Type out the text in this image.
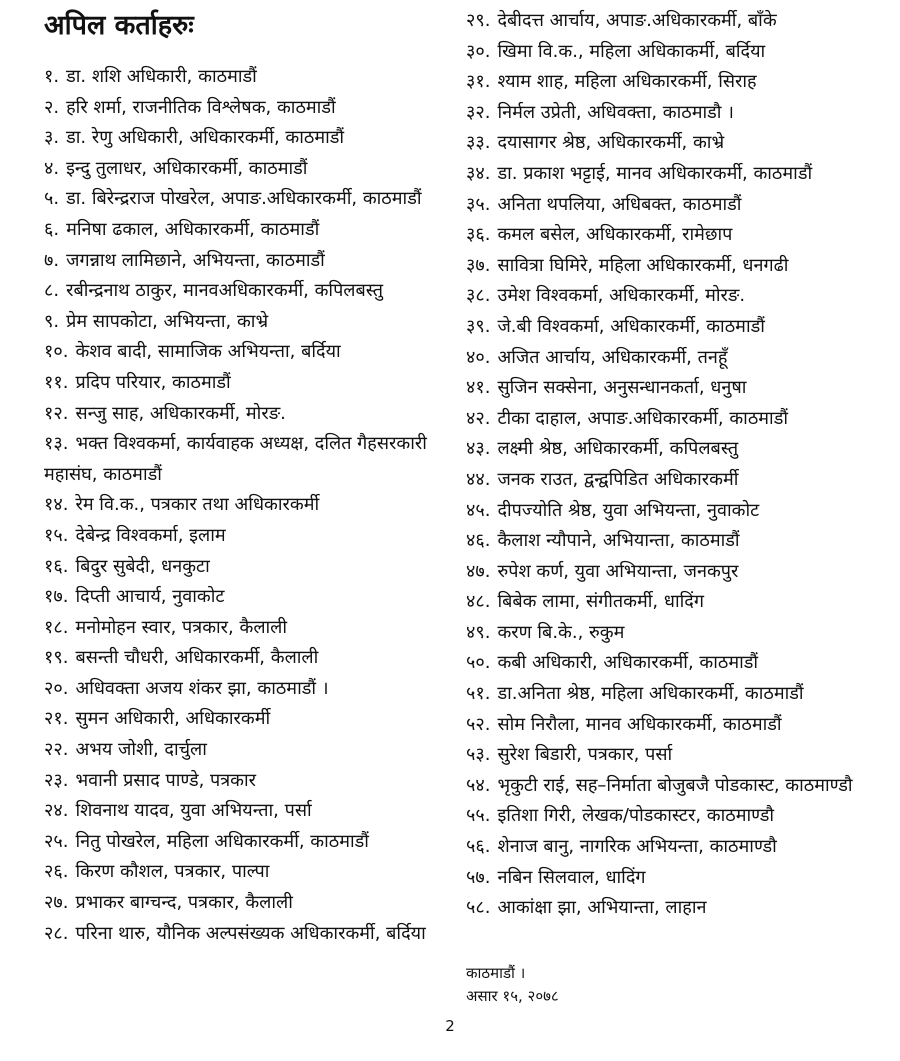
अपिल कर्ताहरुः
१. डा. शशि अधिकारी, काठमाडौं
२. हरि शर्मा, राजनीतिक विश्लेषक, काठमाडौं
३. डा. रेणु अधिकारी, अधिकारकर्मी, काठमाडौं
४. इन्दु तुलाधर, अधिकारकर्मी, काठमाडौं
५. डा. बिरेन्द्रराज पोखरेल, अपाङ.अधिकारकर्मी, काठमाडौं
६. मनिषा ढकाल, अधिकारकर्मी, काठमाडौं
७. जगन्नाथ लामिछाने, अभियन्ता, काठमाडौं
८. रबीन्द्रनाथ ठाकुर, मानवअधिकारकर्मी, कपिलबस्तु
९. प्रेम सापकोटा, अभियन्ता, काभ्रे
१०. केशव बादी, सामाजिक अभियन्ता, बर्दिया
११. प्रदिप परियार, काठमाडौं
१२. सन्जु साह, अधिकारकर्मी, मोरङ.
१३. भक्त विश्वकर्मा, कार्यवाहक अध्यक्ष, दलित गैहसरकारी महासंघ, काठमाडौं
१४. रेम वि.क., पत्रकार तथा अधिकारकर्मी
१५. देबेन्द्र विश्वकर्मा, इलाम
१६. बिदुर सुबेदी, धनकुटा
१७. दिप्ती आचार्य, नुवाकोट
१८. मनोमोहन स्वार, पत्रकार, कैलाली
१९. बसन्ती चौधरी, अधिकारकर्मी, कैलाली
२०. अधिवक्ता अजय शंकर झा, काठमाडौं ।
२१. सुमन अधिकारी, अधिकारकर्मी
२२. अभय जोशी, दार्चुला
२३. भवानी प्रसाद पाण्डे, पत्रकार
२४. शिवनाथ यादव, युवा अभियन्ता, पर्सा
२५. नितु पोखरेल, महिला अधिकारकर्मी, काठमाडौं
२६. किरण कौशल, पत्रकार, पाल्पा
२७. प्रभाकर बाग्चन्द, पत्रकार, कैलाली
२८. परिना थारु, यौनिक अल्पसंख्यक अधिकारकर्मी, बर्दिया
२९. देबीदत्त आर्चाय, अपाङ.अधिकारकर्मी, बाँके
३०. खिमा वि.क., महिला अधिकाकर्मी, बर्दिया
३१. श्याम शाह, महिला अधिकारकर्मी, सिराह
३२. निर्मल उप्रेती, अधिवक्ता, काठमाडौ ।
३३. दयासागर श्रेष्ठ, अधिकारकर्मी, काभ्रे
३४. डा. प्रकाश भट्टाई, मानव अधिकारकर्मी, काठमाडौं
३५. अनिता थपलिया, अधिबक्त, काठमाडौं
३६. कमल बसेल, अधिकारकर्मी, रामेछाप
३७. सावित्रा घिमिरे, महिला अधिकारकर्मी, धनगढी
३८. उमेश विश्वकर्मा, अधिकारकर्मी, मोरङ.
३९. जे.बी विश्वकर्मा, अधिकारकर्मी, काठमाडौं
४०. अजित आर्चाय, अधिकारकर्मी, तनहूँ
४१. सुजिन सक्सेना, अनुसन्धानकर्ता, धनुषा
४२. टीका दाहाल, अपाङ.अधिकारकर्मी, काठमाडौं
४३. लक्ष्मी श्रेष्ठ, अधिकारकर्मी, कपिलबस्तु
४४. जनक राउत, द्वन्द्वपिडित अधिकारकर्मी
४५. दीपज्योति श्रेष्ठ, युवा अभियन्ता, नुवाकोट
४६. कैलाश न्यौपाने, अभियान्ता, काठमाडौं
४७. रुपेश कर्ण, युवा अभियान्ता, जनकपुर
४८. बिबेक लामा, संगीतकर्मी, धादिंग
४९. करण बि.के., रुकुम
५०. कबी अधिकारी, अधिकारकर्मी, काठमाडौं
५१. डा.अनिता श्रेष्ठ, महिला अधिकारकर्मी, काठमाडौं
५२. सोम निरौला, मानव अधिकारकर्मी, काठमाडौं
५३. सुरेश बिडारी, पत्रकार, पर्सा
५४. भृकुटी राई, सह–निर्माता बोजुबजै पोडकास्ट, काठमाण्डौ
५५. इतिशा गिरी, लेखक/पोडकास्टर, काठमाण्डौ
५६. शेनाज बानु, नागरिक अभियन्ता, काठमाण्डौ
५७. नबिन सिलवाल, धादिंग
५८. आकांक्षा झा, अभियान्ता, लाहान
काठमाडौं ।
असार १५, २०७८
2
